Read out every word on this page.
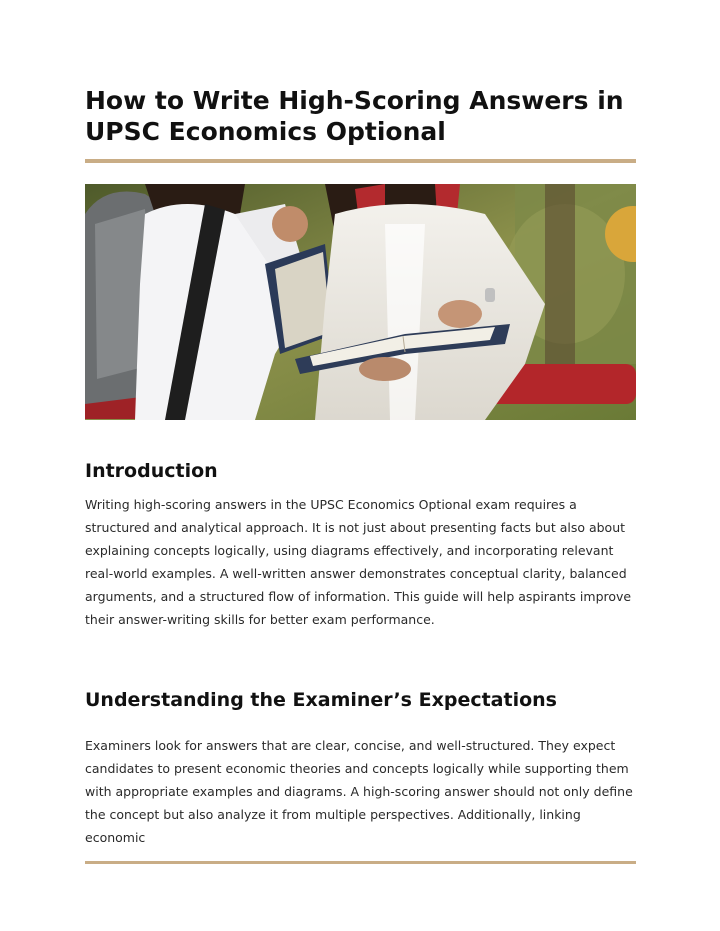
How to Write High-Scoring Answers in UPSC Economics Optional
Introduction

Writing high-scoring answers in the UPSC Economics Optional exam requires a structured and analytical approach. It is not just about presenting facts but also about explaining concepts logically, using diagrams effectively, and incorporating relevant real-world examples. A well-written answer demonstrates conceptual clarity, balanced arguments, and a structured flow of information. This guide will help aspirants improve their answer-writing skills for better exam performance.

Understanding the Examiner’s Expectations

Examiners look for answers that are clear, concise, and well-structured. They expect candidates to present economic theories and concepts logically while supporting them with appropriate examples and diagrams. A high-scoring answer should not only define the concept but also analyze it from multiple perspectives. Additionally, linking economic
